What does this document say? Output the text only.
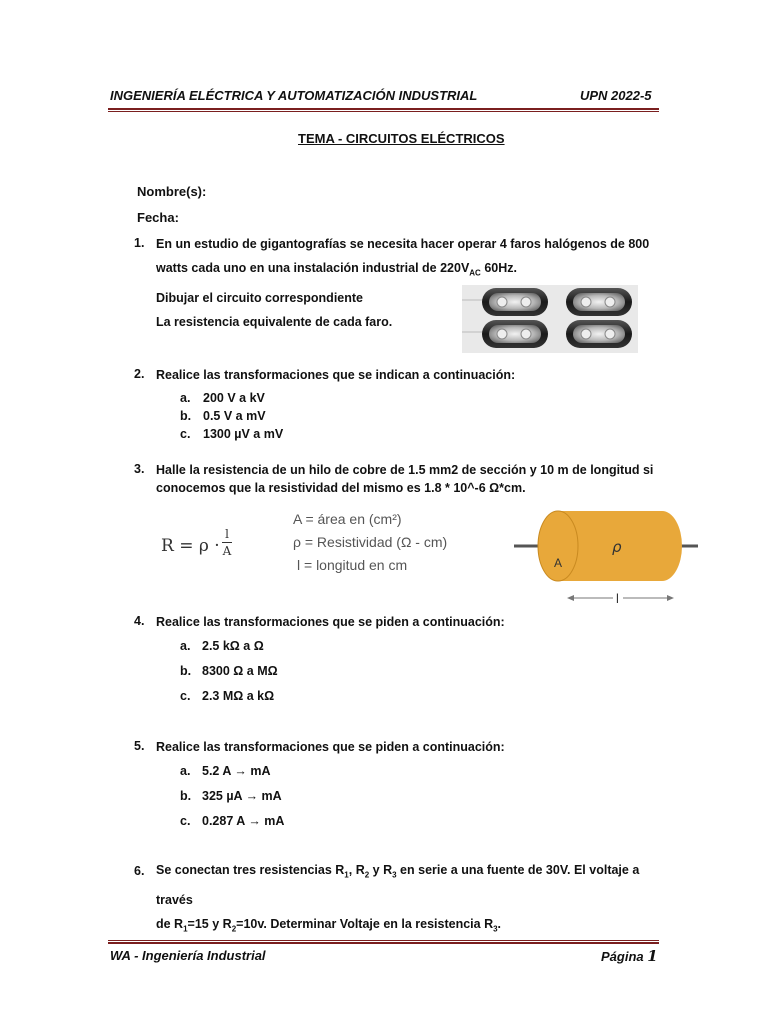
INGENIERÍA ELÉCTRICA Y AUTOMATIZACIÓN INDUSTRIAL	UPN 2022-5
TEMA - CIRCUITOS ELÉCTRICOS
Nombre(s):
Fecha:
1. En un estudio de gigantografías se necesita hacer operar 4 faros halógenos de 800
watts cada uno en una instalación industrial de $220V_{AC}$ 60Hz.
Dibujar el circuito correspondiente
La resistencia equivalente de cada faro.
2. Realice las transformaciones que se indican a continuación:
a. 200 V a kV
b. 0.5 V a mV
c. 1300 µV a mV
3. Halle la resistencia de un hilo de cobre de 1.5 mm2 de sección y 10 m de longitud si
conocemos que la resistividad del mismo es 1.8 * 10^-6 Ω*cm.
R = ρ ·
l
A
A = área en (cm²)
ρ = Resistividad (Ω - cm)
l = longitud en cm
ρ
A
l
4. Realice las transformaciones que se piden a continuación:
a. 2.5 kΩ a Ω
b. 8300 Ω a MΩ
c. 2.3 MΩ a kΩ
5. Realice las transformaciones que se piden a continuación:
a. 5.2 A → mA
b. 325 µA → mA
c. 0.287 A → mA
6. Se conectan tres resistencias $R_1$, $R_2$ y $R_3$ en serie a una fuente de 30V. El voltaje a través
de $R_1=15$ y $R_2=10v$. Determinar Voltaje en la resistencia $R_3$.
WA - Ingeniería Industrial	Página 1
